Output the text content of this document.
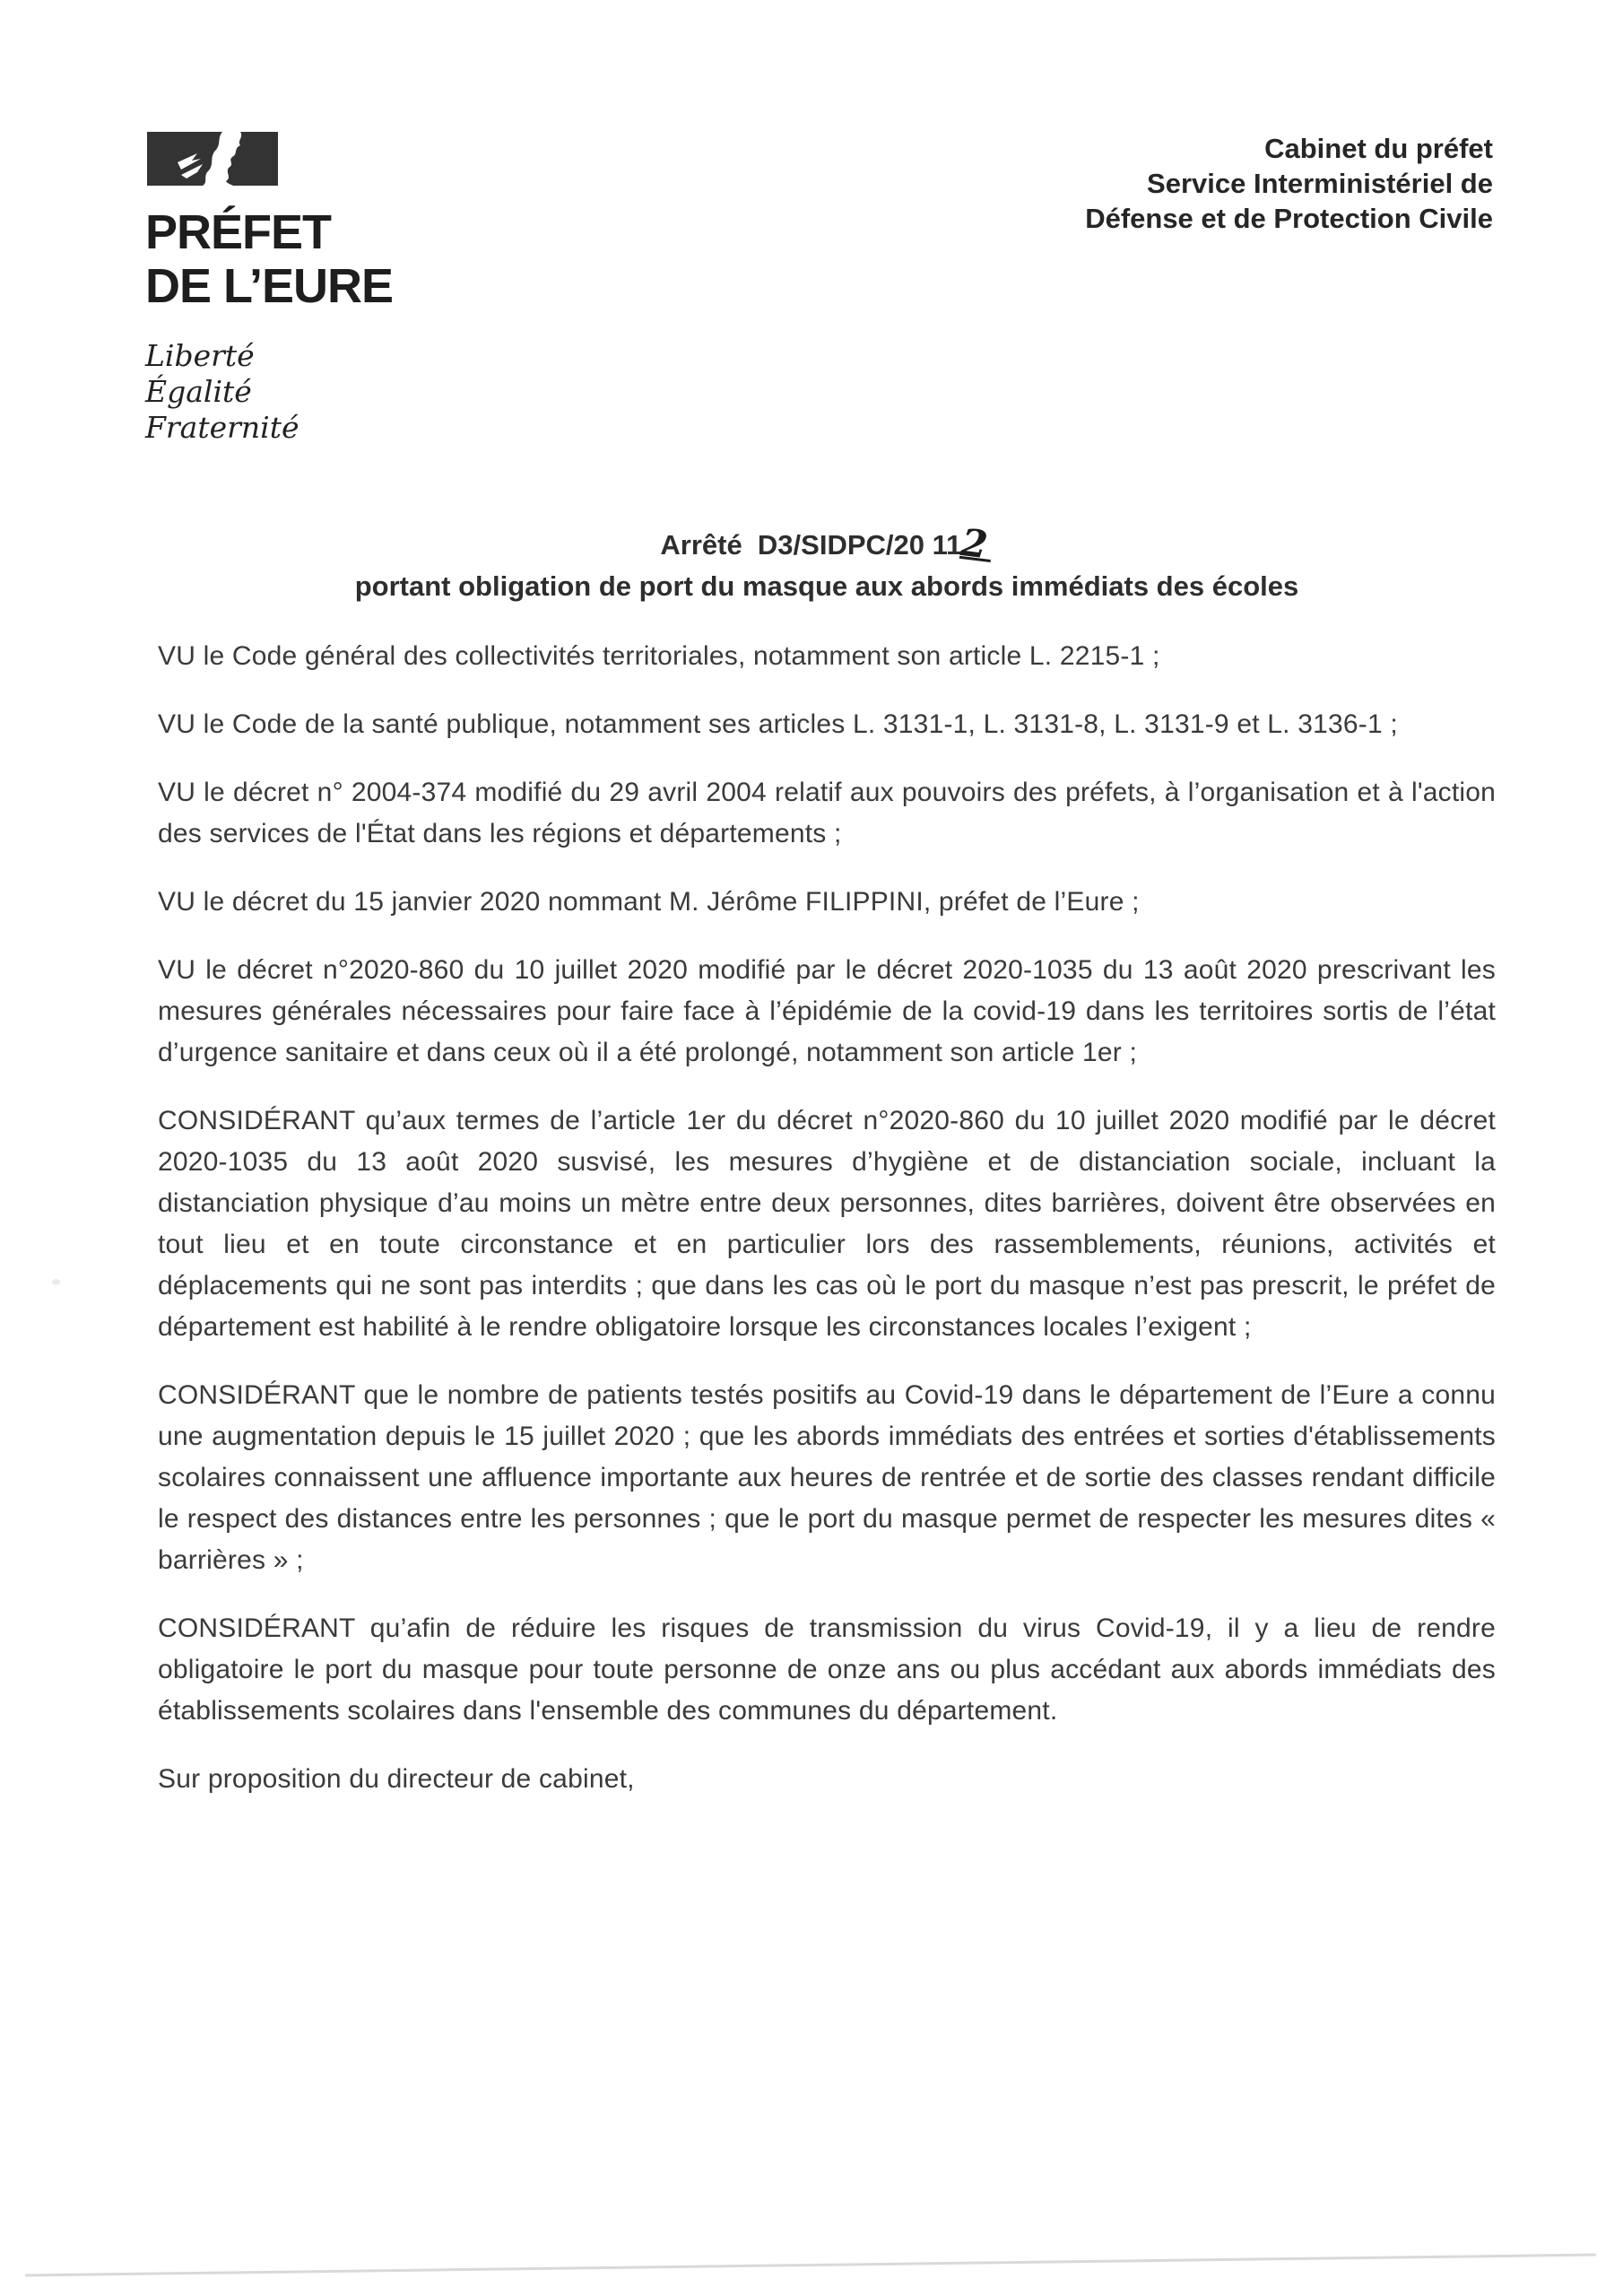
PRÉFET
DE L’EURE
Liberté
Égalité
Fraternité
Cabinet du préfet
Service Interministériel de
Défense et de Protection Civile
Arrêté  D3/SIDPC/20 112
portant obligation de port du masque aux abords immédiats des écoles

VU le Code général des collectivités territoriales, notamment son article L. 2215-1 ;

VU le Code de la santé publique, notamment ses articles L. 3131-1, L. 3131-8, L. 3131-9 et L. 3136-1 ;

VU le décret n° 2004-374 modifié du 29 avril 2004 relatif aux pouvoirs des préfets, à l’organisation et à l'action des services de l'État dans les régions et départements ;

VU le décret du 15 janvier 2020 nommant M. Jérôme FILIPPINI, préfet de l’Eure ;

VU le décret n°2020-860 du 10 juillet 2020 modifié par le décret 2020-1035 du 13 août 2020 prescrivant les mesures générales nécessaires pour faire face à l’épidémie de la covid-19 dans les territoires sortis de l’état d’urgence sanitaire et dans ceux où il a été prolongé, notamment son article 1er ;

CONSIDÉRANT qu’aux termes de l’article 1er du décret n°2020-860 du 10 juillet 2020 modifié par le décret 2020-1035 du 13 août 2020 susvisé, les mesures d’hygiène et de distanciation sociale, incluant la distanciation physique d’au moins un mètre entre deux personnes, dites barrières, doivent être observées en tout lieu et en toute circonstance et en particulier lors des rassemblements, réunions, activités et déplacements qui ne sont pas interdits ; que dans les cas où le port du masque n’est pas prescrit, le préfet de département est habilité à le rendre obligatoire lorsque les circonstances locales l’exigent ;

CONSIDÉRANT que le nombre de patients testés positifs au Covid-19 dans le département de l’Eure a connu une augmentation depuis le 15 juillet 2020 ; que les abords immédiats des entrées et sorties d'établissements scolaires connaissent une affluence importante aux heures de rentrée et de sortie des classes rendant difficile le respect des distances entre les personnes ; que le port du masque permet de respecter les mesures dites « barrières » ;

CONSIDÉRANT qu’afin de réduire les risques de transmission du virus Covid-19, il y a lieu de rendre obligatoire le port du masque pour toute personne de onze ans ou plus accédant aux abords immédiats des établissements scolaires dans l'ensemble des communes du département.

Sur proposition du directeur de cabinet,
